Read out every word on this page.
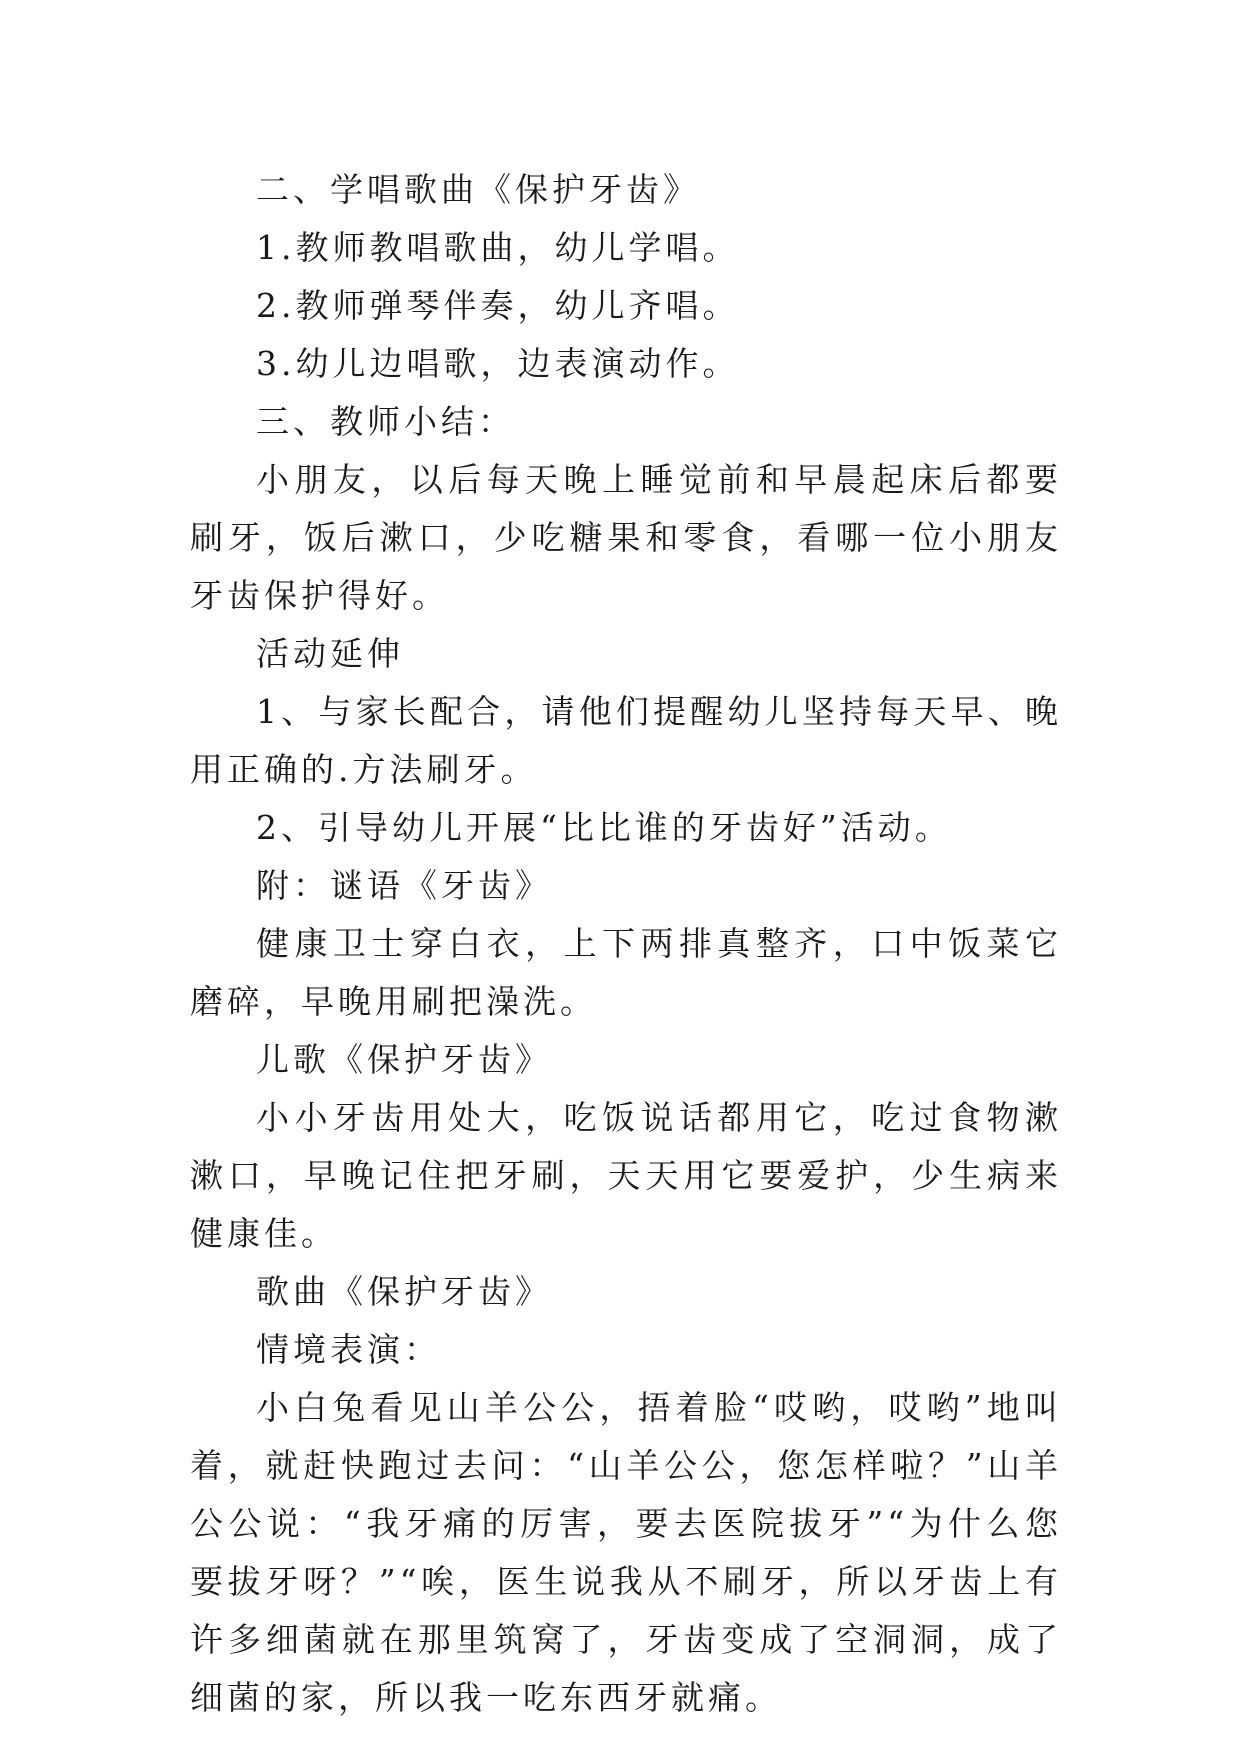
二、学唱歌曲《保护牙齿》

1.教师教唱歌曲，幼儿学唱。

2.教师弹琴伴奏，幼儿齐唱。

3.幼儿边唱歌，边表演动作。

三、教师小结：

小朋友，以后每天晚上睡觉前和早晨起床后都要刷牙，饭后漱口，少吃糖果和零食，看哪一位小朋友牙齿保护得好。

活动延伸

1、与家长配合，请他们提醒幼儿坚持每天早、晚用正确的.方法刷牙。

2、引导幼儿开展“比比谁的牙齿好”活动。

附：谜语《牙齿》

健康卫士穿白衣，上下两排真整齐，口中饭菜它磨碎，早晚用刷把澡洗。

儿歌《保护牙齿》

小小牙齿用处大，吃饭说话都用它，吃过食物漱漱口，早晚记住把牙刷，天天用它要爱护，少生病来健康佳。

歌曲《保护牙齿》

情境表演：

小白兔看见山羊公公，捂着脸“哎哟，哎哟”地叫着，就赶快跑过去问：“山羊公公，您怎样啦？”山羊公公说：“我牙痛的厉害，要去医院拔牙”“为什么您要拔牙呀？”“唉，医生说我从不刷牙，所以牙齿上有许多细菌就在那里筑窝了，牙齿变成了空洞洞，成了细菌的家，所以我一吃东西牙就痛。
